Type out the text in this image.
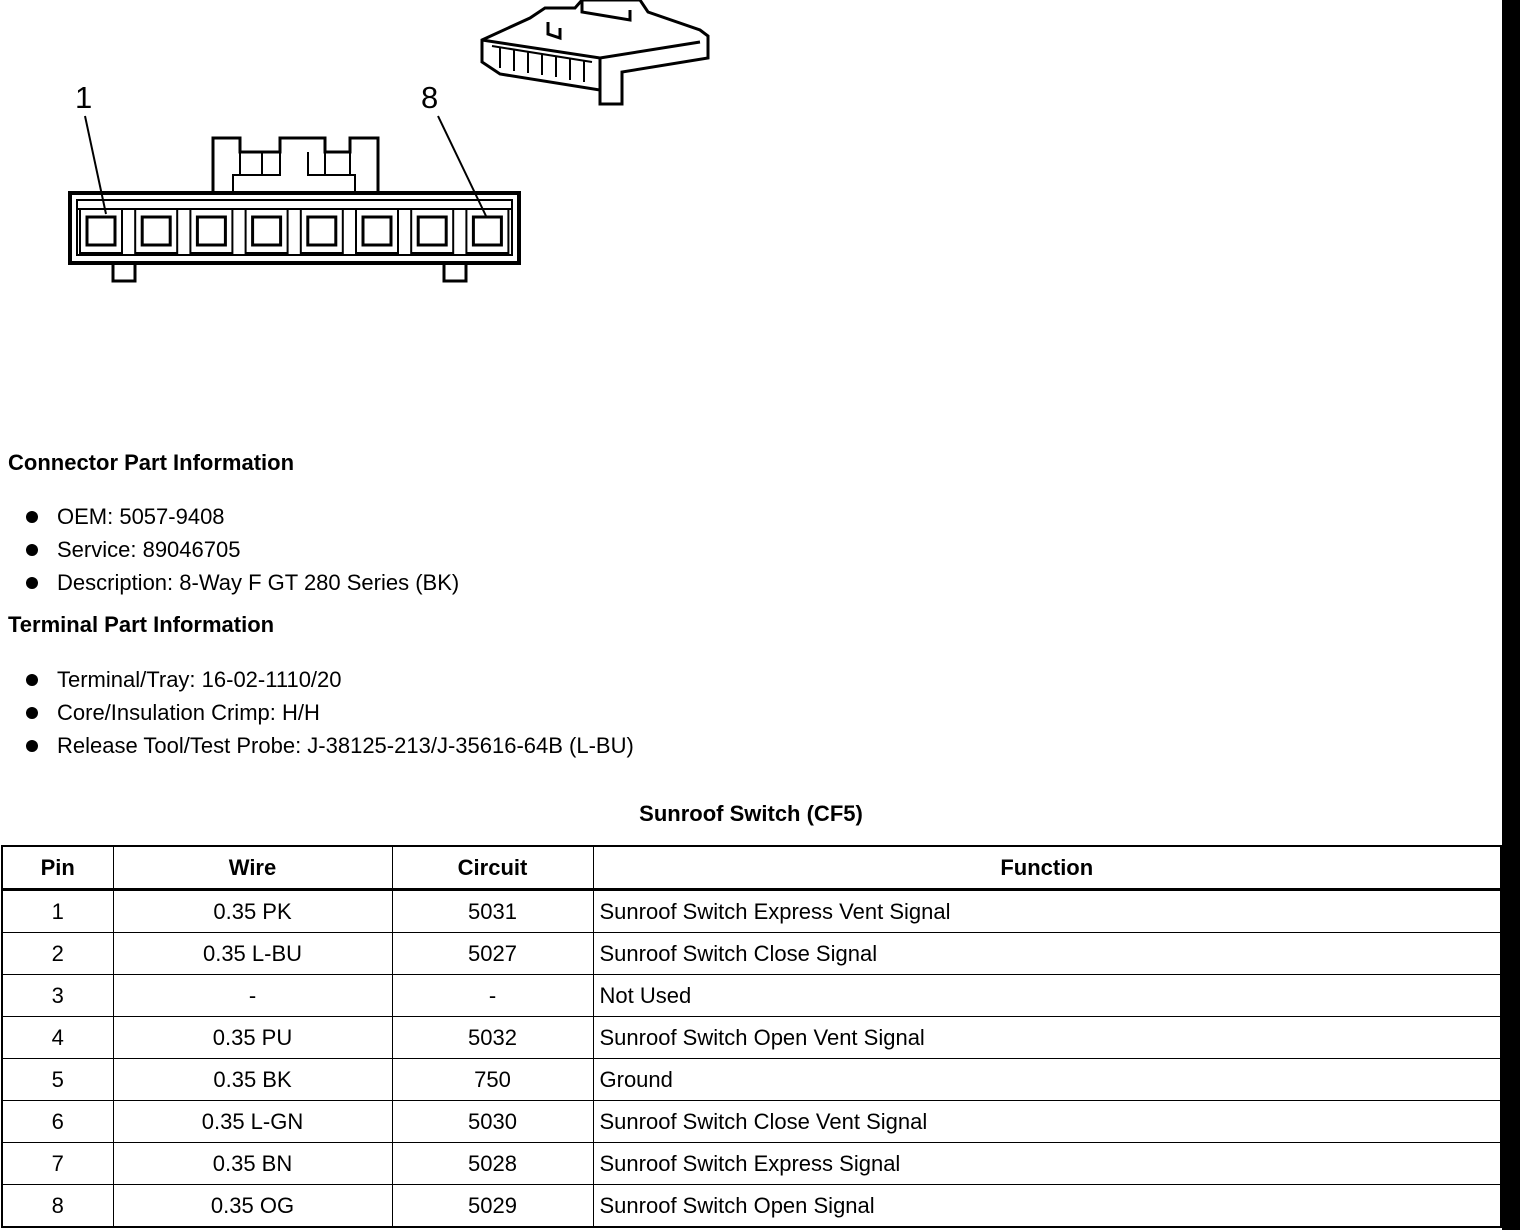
1	8
Connector Part Information
OEM: 5057-9408
Service: 89046705
Description: 8-Way F GT 280 Series (BK)
Terminal Part Information
Terminal/Tray: 16-02-1110/20
Core/Insulation Crimp: H/H
Release Tool/Test Probe: J-38125-213/J-35616-64B (L-BU)
Sunroof Switch (CF5)
Pin	Wire	Circuit	Function
1	0.35 PK	5031	Sunroof Switch Express Vent Signal
2	0.35 L-BU	5027	Sunroof Switch Close Signal
3	-	-	Not Used
4	0.35 PU	5032	Sunroof Switch Open Vent Signal
5	0.35 BK	750	Ground
6	0.35 L-GN	5030	Sunroof Switch Close Vent Signal
7	0.35 BN	5028	Sunroof Switch Express Signal
8	0.35 OG	5029	Sunroof Switch Open Signal
